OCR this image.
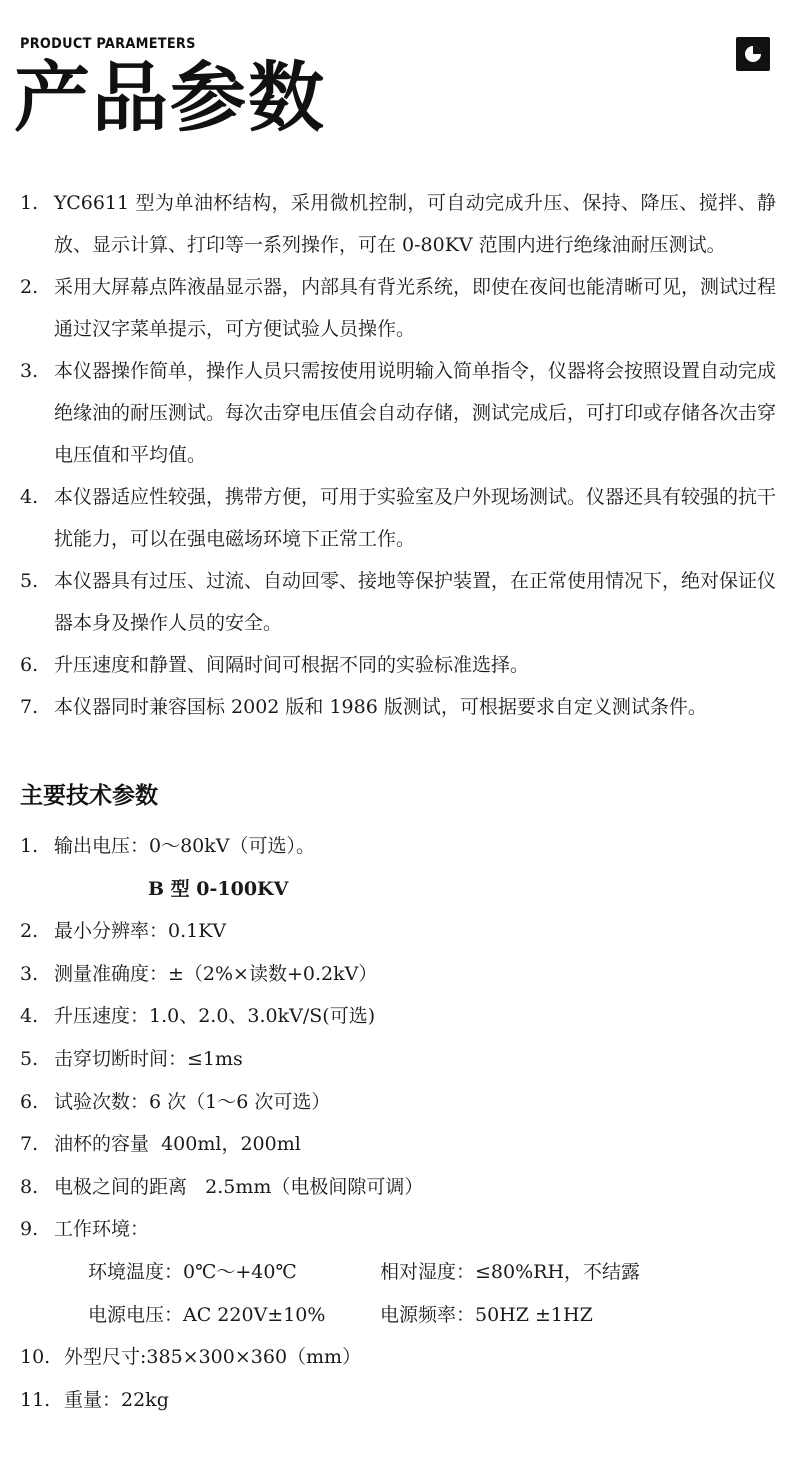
PRODUCT PARAMETERS
产品参数
1. YC6611 型为单油杯结构，采用微机控制，可自动完成升压、保持、降压、搅拌、静放、显示计算、打印等一系列操作，可在 0-80KV 范围内进行绝缘油耐压测试。
2. 采用大屏幕点阵液晶显示器，内部具有背光系统，即使在夜间也能清晰可见，测试过程通过汉字菜单提示，可方便试验人员操作。
3. 本仪器操作简单，操作人员只需按使用说明输入简单指令，仪器将会按照设置自动完成绝缘油的耐压测试。每次击穿电压值会自动存储，测试完成后，可打印或存储各次击穿电压值和平均值。
4. 本仪器适应性较强，携带方便，可用于实验室及户外现场测试。仪器还具有较强的抗干扰能力，可以在强电磁场环境下正常工作。
5. 本仪器具有过压、过流、自动回零、接地等保护装置，在正常使用情况下，绝对保证仪器本身及操作人员的安全。
6. 升压速度和静置、间隔时间可根据不同的实验标准选择。
7. 本仪器同时兼容国标 2002 版和 1986 版测试，可根据要求自定义测试条件。
主要技术参数
1. 输出电压：0～80kV（可选）。
B 型 0-100KV
2. 最小分辨率：0.1KV
3. 测量准确度：±（2%×读数+0.2kV）
4. 升压速度：1.0、2.0、3.0kV/S(可选)
5. 击穿切断时间：≤1ms
6. 试验次数：6 次（1～6 次可选）
7. 油杯的容量  400ml，200ml
8. 电极之间的距离   2.5mm（电极间隙可调）
9. 工作环境：
环境温度：0℃～+40℃	相对湿度：≤80%RH，不结露
电源电压：AC 220V±10%	电源频率：50HZ ±1HZ
10. 外型尺寸:385×300×360（mm）
11. 重量：22kg
